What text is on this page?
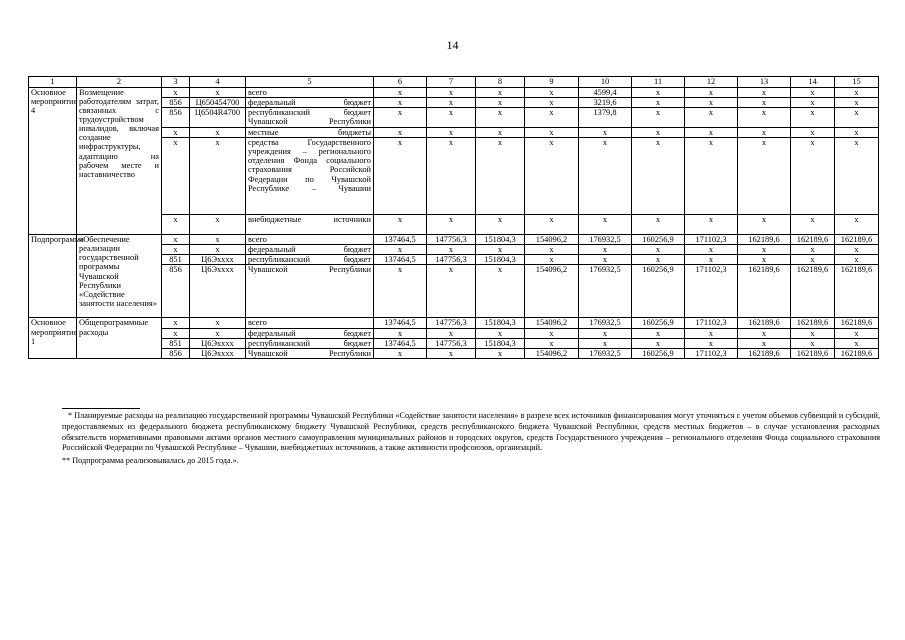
14
1	2	3	4	5	6	7	8	9	10	11	12	13	14	15
Основное мероприятие 4	Возмещение работодателям затрат, связанных с трудоустройством инвалидов, включая создание инфраструктуры, адаптацию на рабочем месте и наставничество	x	x	всего	x	x	x	x	4599,4	x	x	x	x	x
		856	Ц650454700	федеральный бюджет	x	x	x	x	3219,6	x	x	x	x	x
		856	Ц6504R4700	республиканский бюджет Чувашской Республики	x	x	x	x	1379,8	x	x	x	x	x
		x	x	местные бюджеты	x	x	x	x	x	x	x	x	x	x
		x	x	средства Государственного учреждения – регионального отделения Фонда социального страхования Российской Федерации по Чувашской Республике – Чувашии	x	x	x	x	x	x	x	x	x	x
		x	x	внебюджетные источники	x	x	x	x	x	x	x	x	x	x
Подпрограмма	«Обеспечение реализации государственной программы Чувашской Республики «Содействие занятости населения»	x	x	всего	137464,5	147756,3	151804,3	154096,2	176932,5	160256,9	171102,3	162189,6	162189,6	162189,6
		x	x	федеральный бюджет	x	x	x	x	x	x	x	x	x	x
		851	Ц6Эxxxx	республиканский бюджет	137464,5	147756,3	151804,3	x	x	x	x	x	x	x
		856	Ц6Эxxxx	Чувашской Республики	x	x	x	154096,2	176932,5	160256,9	171102,3	162189,6	162189,6	162189,6
Основное мероприятие 1	Общепрограммные расходы	x	x	всего	137464,5	147756,3	151804,3	154096,2	176932,5	160256,9	171102,3	162189,6	162189,6	162189,6
		x	x	федеральный бюджет	x	x	x	x	x	x	x	x	x	x
		851	Ц6Эxxxx	республиканский бюджет	137464,5	147756,3	151804,3	x	x	x	x	x	x	x
		856	Ц6Эxxxx	Чувашской Республики	x	x	x	154096,2	176932,5	160256,9	171102,3	162189,6	162189,6	162189,6

* Планируемые расходы на реализацию государственной программы Чувашской Республики «Содействие занятости населения» в разрезе всех источников финансирования могут уточняться с учетом объемов субвенций и субсидий, предоставляемых из федерального бюджета республиканскому бюджету Чувашской Республики, средств республиканского бюджета Чувашской Республики, средств местных бюджетов – в случае установления расходных обязательств нормативными правовыми актами органов местного самоуправления муниципальных районов и городских округов, средств Государственного учреждения – регионального отделения Фонда социального страхования Российской Федерации по Чувашской Республике – Чувашии, внебюджетных источников, а также активности профсоюзов, организаций.

** Подпрограмма реализовывалась до 2015 года.».
